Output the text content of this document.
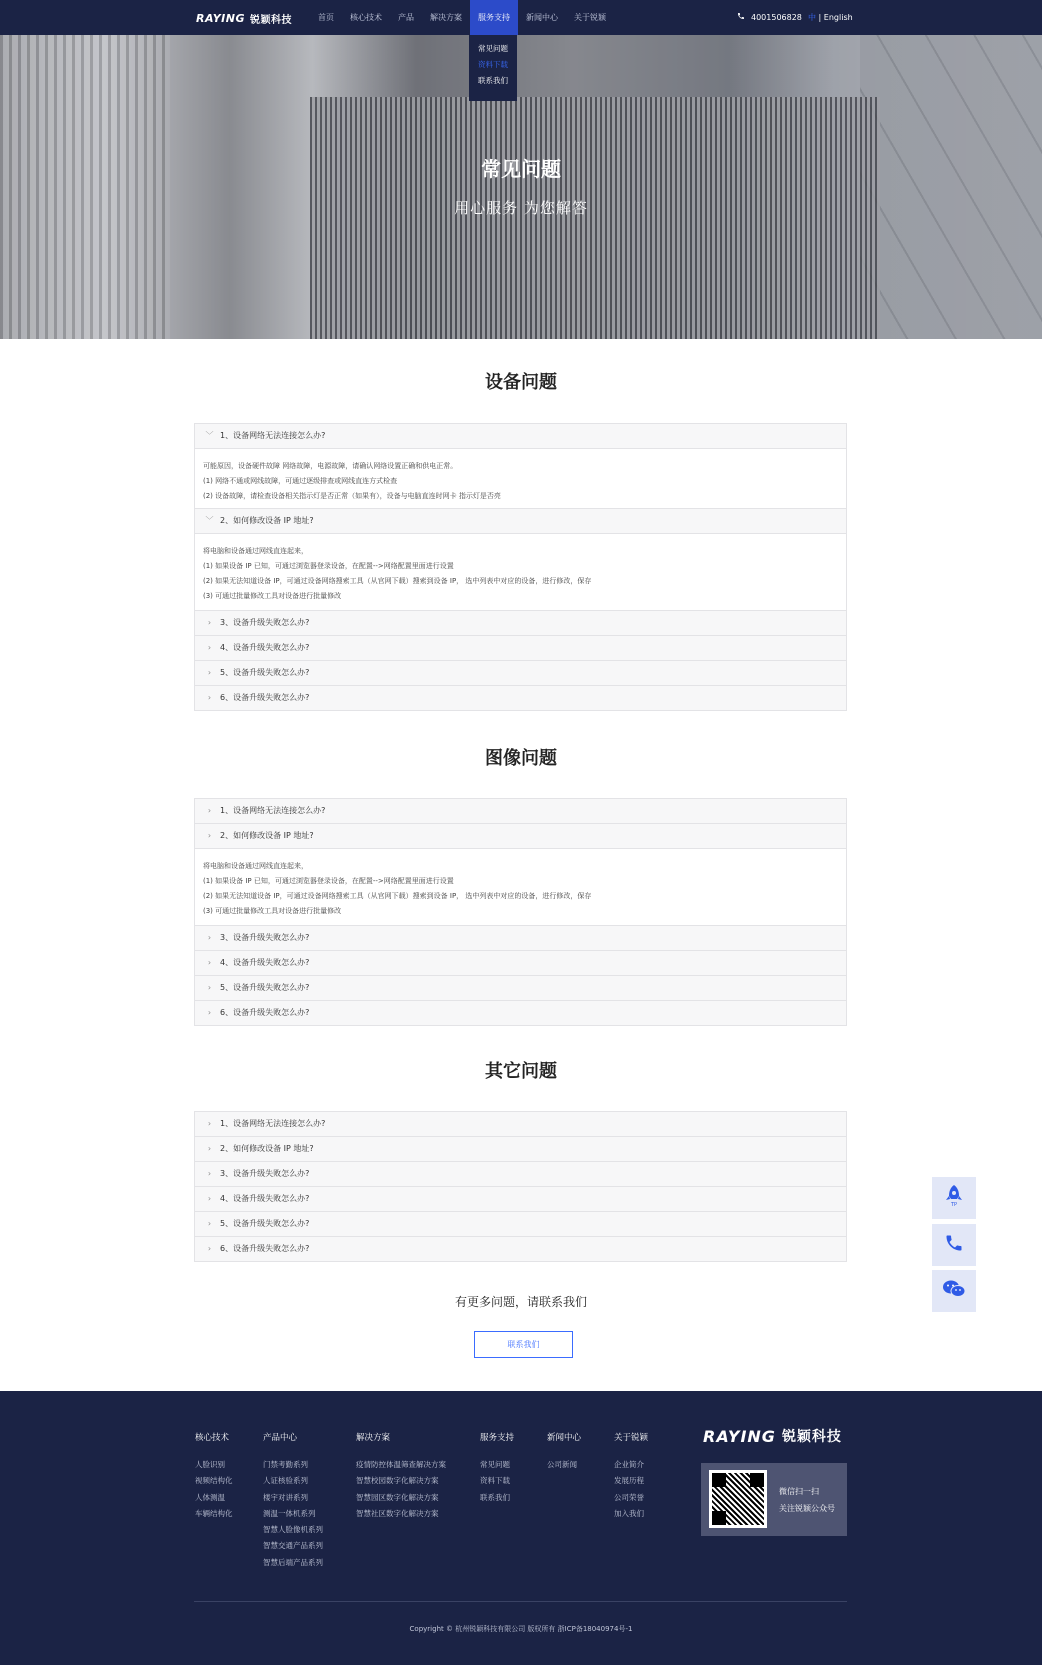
RAYING 锐颖科技	首页	核心技术	产品	解决方案	服务支持	新闻中心	关于锐颖	4001506828 中 | English
常见问题
资料下载
联系我们
常见问题
用心服务 为您解答
设备问题
﹀ 1、设备网络无法连接怎么办?

可能原因，设备硬件故障 网络故障，电源故障，请确认网络设置正确和供电正常。

(1) 网络不通或网线故障，可通过逐级排查或网线直连方式检查

(2) 设备故障，请检查设备相关指示灯是否正常（如果有），设备与电脑直连时网卡 指示灯是否亮

﹀ 2、如何修改设备 IP 地址?

将电脑和设备通过网线直连起来，

(1) 如果设备 IP 已知，可通过浏览器登录设备，在配置-->网络配置里面进行设置

(2) 如果无法知道设备 IP，可通过设备网络搜索工具（从官网下载）搜索到设备 IP， 选中列表中对应的设备，进行修改，保存

(3) 可通过批量修改工具对设备进行批量修改

›	3、设备升级失败怎么办?
›	4、设备升级失败怎么办?
›	5、设备升级失败怎么办?
›	6、设备升级失败怎么办?
图像问题
›	1、设备网络无法连接怎么办?
›	2、如何修改设备 IP 地址?

将电脑和设备通过网线直连起来，

(1) 如果设备 IP 已知，可通过浏览器登录设备，在配置-->网络配置里面进行设置

(2) 如果无法知道设备 IP，可通过设备网络搜索工具（从官网下载）搜索到设备 IP， 选中列表中对应的设备，进行修改，保存

(3) 可通过批量修改工具对设备进行批量修改

›	3、设备升级失败怎么办?
›	4、设备升级失败怎么办?
›	5、设备升级失败怎么办?
›	6、设备升级失败怎么办?
其它问题
›	1、设备网络无法连接怎么办?
›	2、如何修改设备 IP 地址?
›	3、设备升级失败怎么办?
›	4、设备升级失败怎么办?
›	5、设备升级失败怎么办?
›	6、设备升级失败怎么办?
有更多问题，请联系我们
联系我们
TP
核心技术
人脸识别
视频结构化
人体测温
车辆结构化
产品中心
门禁考勤系列
人证核验系列
楼宇对讲系列
测温一体机系列
智慧人脸像机系列
智慧交通产品系列
智慧后端产品系列
解决方案
疫情防控体温筛查解决方案
智慧校园数字化解决方案
智慧园区数字化解决方案
智慧社区数字化解决方案
服务支持
常见问题
资料下载
联系我们
新闻中心
公司新闻
关于锐颖
企业简介
发展历程
公司荣誉
加入我们
RAYING 锐颖科技
微信扫一扫
关注锐颖公众号
Copyright © 杭州锐颖科技有限公司 版权所有 浙ICP备18040974号-1
